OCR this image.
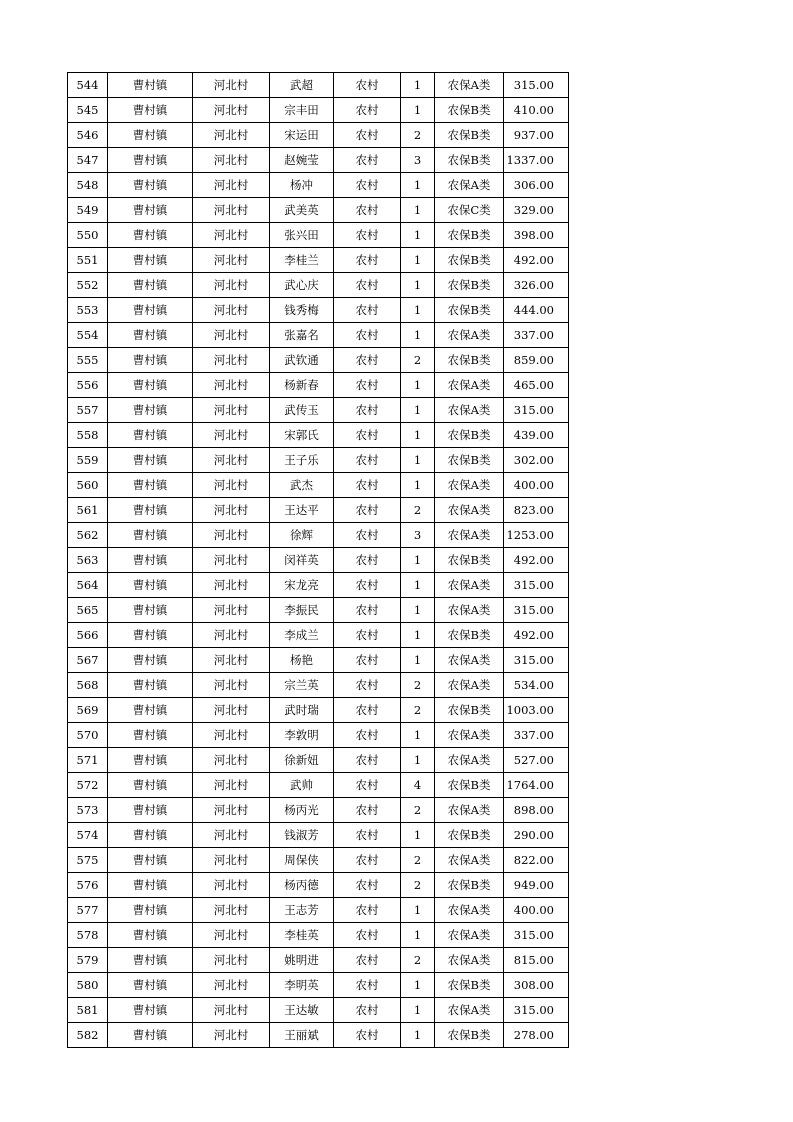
544	曹村镇	河北村	武超	农村	1	农保A类	315.00
545	曹村镇	河北村	宗丰田	农村	1	农保B类	410.00
546	曹村镇	河北村	宋运田	农村	2	农保B类	937.00
547	曹村镇	河北村	赵婉莹	农村	3	农保B类	1337.00
548	曹村镇	河北村	杨冲	农村	1	农保A类	306.00
549	曹村镇	河北村	武美英	农村	1	农保C类	329.00
550	曹村镇	河北村	张兴田	农村	1	农保B类	398.00
551	曹村镇	河北村	李桂兰	农村	1	农保B类	492.00
552	曹村镇	河北村	武心庆	农村	1	农保B类	326.00
553	曹村镇	河北村	钱秀梅	农村	1	农保B类	444.00
554	曹村镇	河北村	张嘉名	农村	1	农保A类	337.00
555	曹村镇	河北村	武钦通	农村	2	农保B类	859.00
556	曹村镇	河北村	杨新春	农村	1	农保A类	465.00
557	曹村镇	河北村	武传玉	农村	1	农保A类	315.00
558	曹村镇	河北村	宋郭氏	农村	1	农保B类	439.00
559	曹村镇	河北村	王子乐	农村	1	农保B类	302.00
560	曹村镇	河北村	武杰	农村	1	农保A类	400.00
561	曹村镇	河北村	王达平	农村	2	农保A类	823.00
562	曹村镇	河北村	徐辉	农村	3	农保A类	1253.00
563	曹村镇	河北村	闵祥英	农村	1	农保B类	492.00
564	曹村镇	河北村	宋龙亮	农村	1	农保A类	315.00
565	曹村镇	河北村	李振民	农村	1	农保A类	315.00
566	曹村镇	河北村	李成兰	农村	1	农保B类	492.00
567	曹村镇	河北村	杨艳	农村	1	农保A类	315.00
568	曹村镇	河北村	宗兰英	农村	2	农保A类	534.00
569	曹村镇	河北村	武时瑞	农村	2	农保B类	1003.00
570	曹村镇	河北村	李敦明	农村	1	农保A类	337.00
571	曹村镇	河北村	徐新妞	农村	1	农保A类	527.00
572	曹村镇	河北村	武帅	农村	4	农保B类	1764.00
573	曹村镇	河北村	杨丙光	农村	2	农保A类	898.00
574	曹村镇	河北村	钱淑芳	农村	1	农保B类	290.00
575	曹村镇	河北村	周保侠	农村	2	农保A类	822.00
576	曹村镇	河北村	杨丙德	农村	2	农保B类	949.00
577	曹村镇	河北村	王志芳	农村	1	农保A类	400.00
578	曹村镇	河北村	李桂英	农村	1	农保A类	315.00
579	曹村镇	河北村	姚明进	农村	2	农保A类	815.00
580	曹村镇	河北村	李明英	农村	1	农保B类	308.00
581	曹村镇	河北村	王达敏	农村	1	农保A类	315.00
582	曹村镇	河北村	王丽斌	农村	1	农保B类	278.00
